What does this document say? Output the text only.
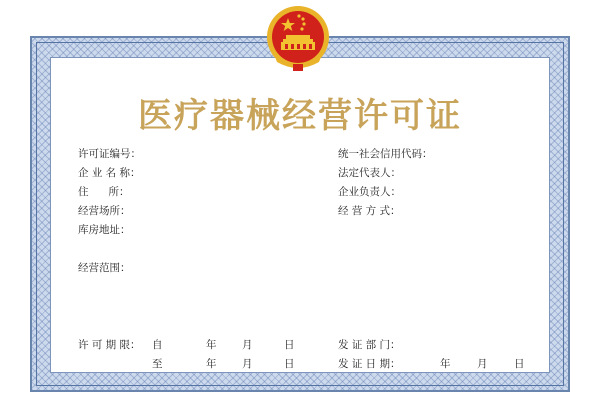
医疗器械经营许可证
许可证编号：
企 业 名 称：
住      所：
经营场所：
库房地址：
经营范围：
统一社会信用代码：
法定代表人：
企业负责人：
经 营 方 式：
许 可 期 限： 自	年 月	日
至	年 月	日
发 证 部 门：
发 证 日 期：	年	月	日
